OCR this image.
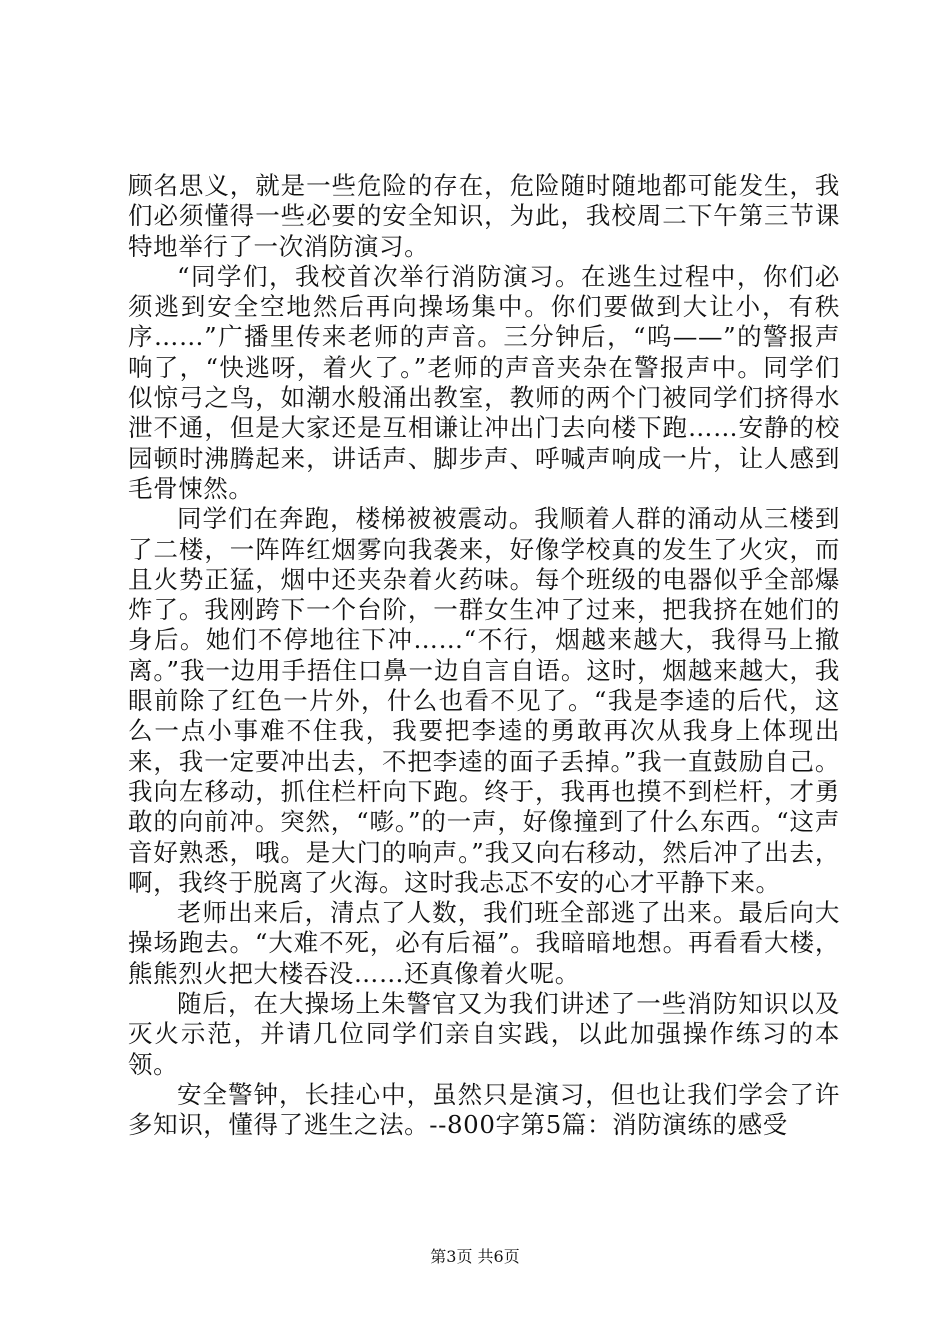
顾名思义，就是一些危险的存在，危险随时随地都可能发生，我们必须懂得一些必要的安全知识，为此，我校周二下午第三节课特地举行了一次消防演习。

“同学们，我校首次举行消防演习。在逃生过程中，你们必须逃到安全空地然后再向操场集中。你们要做到大让小，有秩序……”广播里传来老师的声音。三分钟后，“呜——”的警报声响了，“快逃呀，着火了。”老师的声音夹杂在警报声中。同学们似惊弓之鸟，如潮水般涌出教室，教师的两个门被同学们挤得水泄不通，但是大家还是互相谦让冲出门去向楼下跑……安静的校园顿时沸腾起来，讲话声、脚步声、呼喊声响成一片，让人感到毛骨悚然。

同学们在奔跑，楼梯被被震动。我顺着人群的涌动从三楼到了二楼，一阵阵红烟雾向我袭来，好像学校真的发生了火灾，而且火势正猛，烟中还夹杂着火药味。每个班级的电器似乎全部爆炸了。我刚跨下一个台阶，一群女生冲了过来，把我挤在她们的身后。她们不停地往下冲……“不行，烟越来越大，我得马上撤离。”我一边用手捂住口鼻一边自言自语。这时，烟越来越大，我眼前除了红色一片外，什么也看不见了。“我是李逵的后代，这么一点小事难不住我，我要把李逵的勇敢再次从我身上体现出来，我一定要冲出去，不把李逵的面子丢掉。”我一直鼓励自己。我向左移动，抓住栏杆向下跑。终于，我再也摸不到栏杆，才勇敢的向前冲。突然，“嘭。”的一声，好像撞到了什么东西。“这声音好熟悉，哦。是大门的响声。”我又向右移动，然后冲了出去，啊，我终于脱离了火海。这时我忐忑不安的心才平静下来。

老师出来后，清点了人数，我们班全部逃了出来。最后向大操场跑去。“大难不死，必有后福”。我暗暗地想。再看看大楼，熊熊烈火把大楼吞没……还真像着火呢。

随后，在大操场上朱警官又为我们讲述了一些消防知识以及灭火示范，并请几位同学们亲自实践，以此加强操作练习的本领。

安全警钟，长挂心中，虽然只是演习，但也让我们学会了许多知识，懂得了逃生之法。--800字第5篇：消防演练的感受

第3页 共6页
